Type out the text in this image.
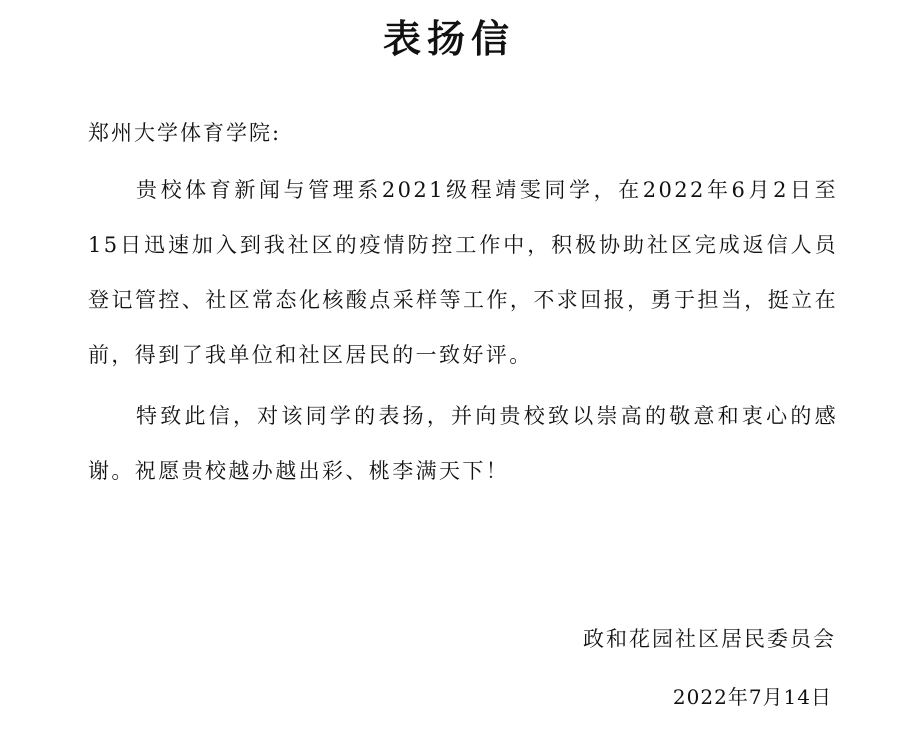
表扬信
郑州大学体育学院:

贵校体育新闻与管理系2021级程靖雯同学，在2022年6月2日至15日迅速加入到我社区的疫情防控工作中，积极协助社区完成返信人员登记管控、社区常态化核酸点采样等工作，不求回报，勇于担当，挺立在前，得到了我单位和社区居民的一致好评。

特致此信，对该同学的表扬，并向贵校致以崇高的敬意和衷心的感谢。祝愿贵校越办越出彩、桃李满天下！

政和花园社区居民委员会
2022年7月14日
